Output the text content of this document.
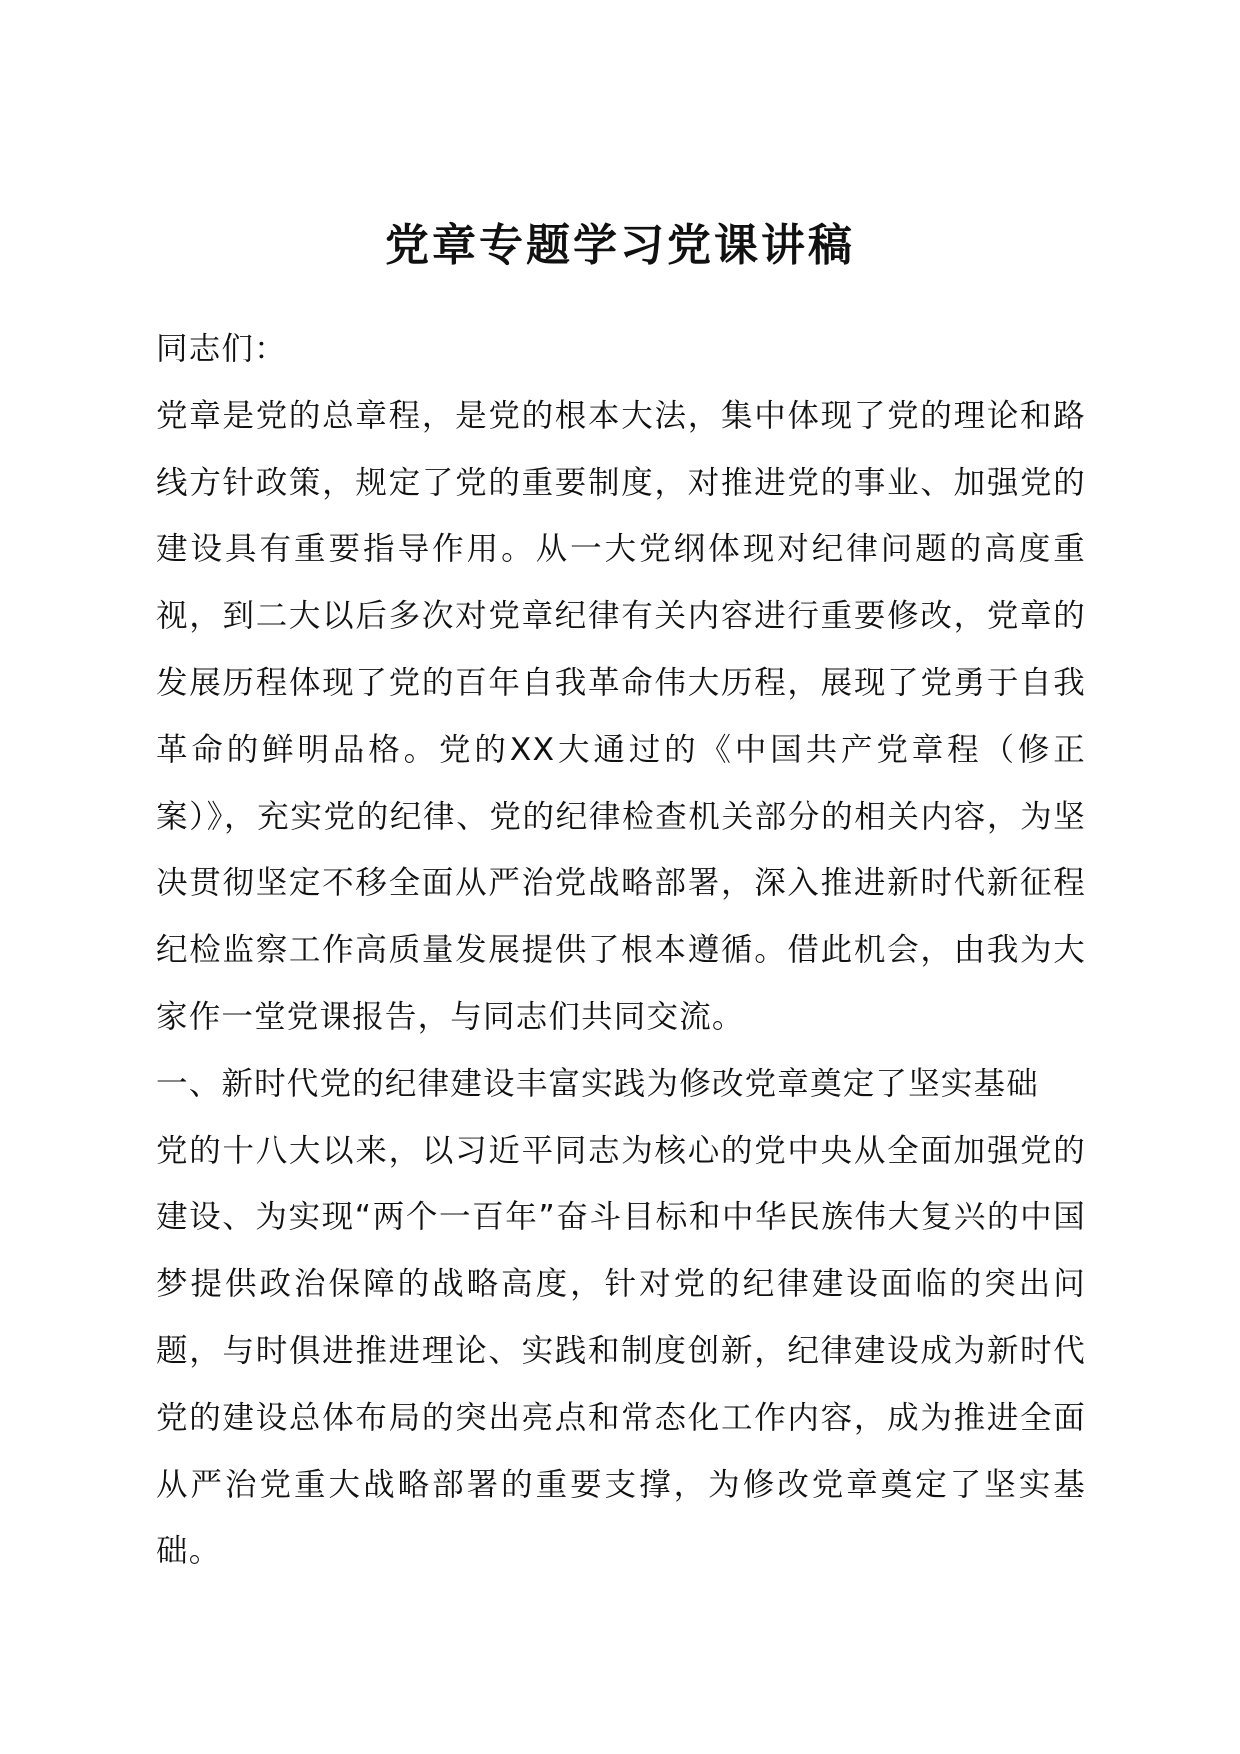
党章专题学习党课讲稿

同志们：

党章是党的总章程，是党的根本大法，集中体现了党的理论和路线方针政策，规定了党的重要制度，对推进党的事业、加强党的建设具有重要指导作用。从一大党纲体现对纪律问题的高度重视，到二大以后多次对党章纪律有关内容进行重要修改，党章的发展历程体现了党的百年自我革命伟大历程，展现了党勇于自我革命的鲜明品格。党的XX大通过的《中国共产党章程（修正案）》，充实党的纪律、党的纪律检查机关部分的相关内容，为坚决贯彻坚定不移全面从严治党战略部署，深入推进新时代新征程纪检监察工作高质量发展提供了根本遵循。借此机会，由我为大家作一堂党课报告，与同志们共同交流。

一、新时代党的纪律建设丰富实践为修改党章奠定了坚实基础

党的十八大以来，以习近平同志为核心的党中央从全面加强党的建设、为实现“两个一百年”奋斗目标和中华民族伟大复兴的中国梦提供政治保障的战略高度，针对党的纪律建设面临的突出问题，与时俱进推进理论、实践和制度创新，纪律建设成为新时代党的建设总体布局的突出亮点和常态化工作内容，成为推进全面从严治党重大战略部署的重要支撑，为修改党章奠定了坚实基础。
